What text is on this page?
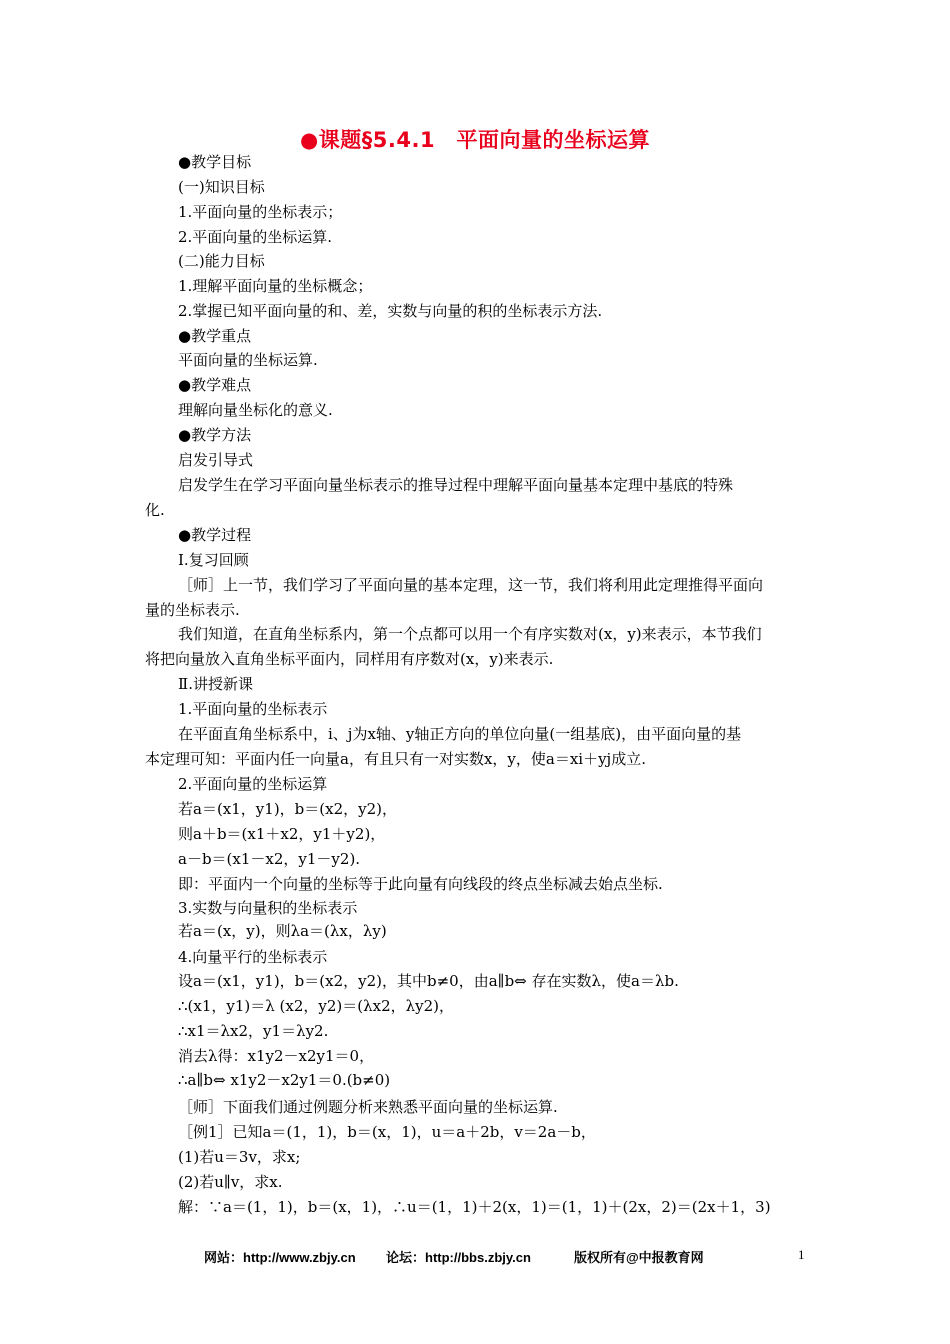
●课题§5.4.1　平面向量的坐标运算
●教学目标
(一)知识目标
1.平面向量的坐标表示；
2.平面向量的坐标运算.
(二)能力目标
1.理解平面向量的坐标概念；
2.掌握已知平面向量的和、差，实数与向量的积的坐标表示方法.
●教学重点
平面向量的坐标运算.
●教学难点
理解向量坐标化的意义.
●教学方法
启发引导式
启发学生在学习平面向量坐标表示的推导过程中理解平面向量基本定理中基底的特殊
化.
●教学过程
Ⅰ.复习回顾
［师］上一节，我们学习了平面向量的基本定理，这一节，我们将利用此定理推得平面向
量的坐标表示.
我们知道，在直角坐标系内，第一个点都可以用一个有序实数对(x，y)来表示，本节我们
将把向量放入直角坐标平面内，同样用有序数对(x，y)来表示.
Ⅱ.讲授新课
1.平面向量的坐标表示
在平面直角坐标系中，i、j为x轴、y轴正方向的单位向量(一组基底)，由平面向量的基
本定理可知：平面内任一向量a，有且只有一对实数x，y，使a＝xi＋yj成立.
2.平面向量的坐标运算
若a＝(x1，y1)，b＝(x2，y2)，
则a＋b＝(x1＋x2，y1＋y2)，
a－b＝(x1－x2，y1－y2).
即：平面内一个向量的坐标等于此向量有向线段的终点坐标减去始点坐标.
3.实数与向量积的坐标表示
若a＝(x，y)，则λa＝(λx，λy)
4.向量平行的坐标表示
设a＝(x1，y1)，b＝(x2，y2)，其中b≠0，由a∥b⇔ 存在实数λ，使a＝λb.
∴(x1，y1)＝λ (x2，y2)＝(λx2，λy2)，
∴x1＝λx2，y1＝λy2.
消去λ得：x1y2－x2y1＝0，
∴a∥b⇔ x1y2－x2y1＝0.(b≠0)
［师］下面我们通过例题分析来熟悉平面向量的坐标运算.
［例1］已知a＝(1，1)，b＝(x，1)，u＝a＋2b，v＝2a－b，
(1)若u＝3v，求x;
(2)若u∥v，求x.
解：∵a＝(1，1)，b＝(x，1)，∴u＝(1，1)＋2(x，1)＝(1，1)＋(2x，2)＝(2x＋1，3)
网站：http://www.zbjy.cn 论坛：http://bbs.zbjy.cn	版权所有@中报教育网	1
